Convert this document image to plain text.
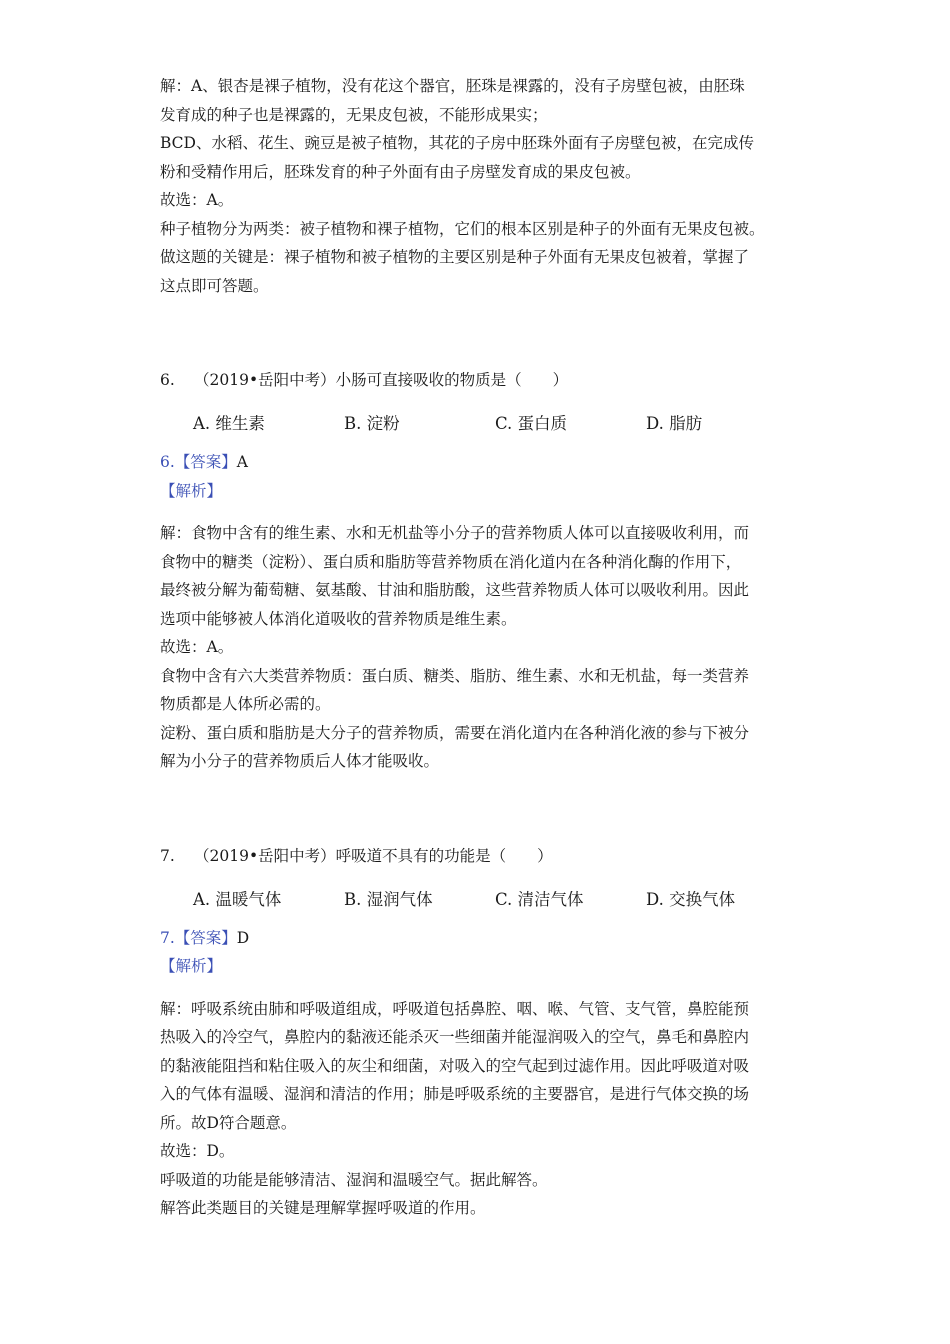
解：A、银杏是裸子植物，没有花这个器官，胚珠是裸露的，没有子房壁包被，由胚珠

发育成的种子也是裸露的，无果皮包被，不能形成果实；

BCD、水稻、花生、豌豆是被子植物，其花的子房中胚珠外面有子房壁包被，在完成传

粉和受精作用后，胚珠发育的种子外面有由子房壁发育成的果皮包被。

故选：A。

种子植物分为两类：被子植物和裸子植物，它们的根本区别是种子的外面有无果皮包被。

做这题的关键是：裸子植物和被子植物的主要区别是种子外面有无果皮包被着，掌握了

这点即可答题。

6. （2019•岳阳中考）小肠可直接吸收的物质是（　　）

A. 维生素	B. 淀粉	C. 蛋白质	D. 脂肪

6.【答案】A

【解析】

解：食物中含有的维生素、水和无机盐等小分子的营养物质人体可以直接吸收利用，而

食物中的糖类（淀粉）、蛋白质和脂肪等营养物质在消化道内在各种消化酶的作用下，

最终被分解为葡萄糖、氨基酸、甘油和脂肪酸，这些营养物质人体可以吸收利用。因此

选项中能够被人体消化道吸收的营养物质是维生素。

故选：A。

食物中含有六大类营养物质：蛋白质、糖类、脂肪、维生素、水和无机盐，每一类营养

物质都是人体所必需的。

淀粉、蛋白质和脂肪是大分子的营养物质，需要在消化道内在各种消化液的参与下被分

解为小分子的营养物质后人体才能吸收。

7. （2019•岳阳中考）呼吸道不具有的功能是（　　）

A. 温暖气体	B. 湿润气体	C. 清洁气体	D. 交换气体

7.【答案】D

【解析】

解：呼吸系统由肺和呼吸道组成，呼吸道包括鼻腔、咽、喉、气管、支气管，鼻腔能预

热吸入的冷空气，鼻腔内的黏液还能杀灭一些细菌并能湿润吸入的空气，鼻毛和鼻腔内

的黏液能阻挡和粘住吸入的灰尘和细菌，对吸入的空气起到过滤作用。因此呼吸道对吸

入的气体有温暖、湿润和清洁的作用；肺是呼吸系统的主要器官，是进行气体交换的场

所。故D符合题意。

故选：D。

呼吸道的功能是能够清洁、湿润和温暖空气。据此解答。

解答此类题目的关键是理解掌握呼吸道的作用。
